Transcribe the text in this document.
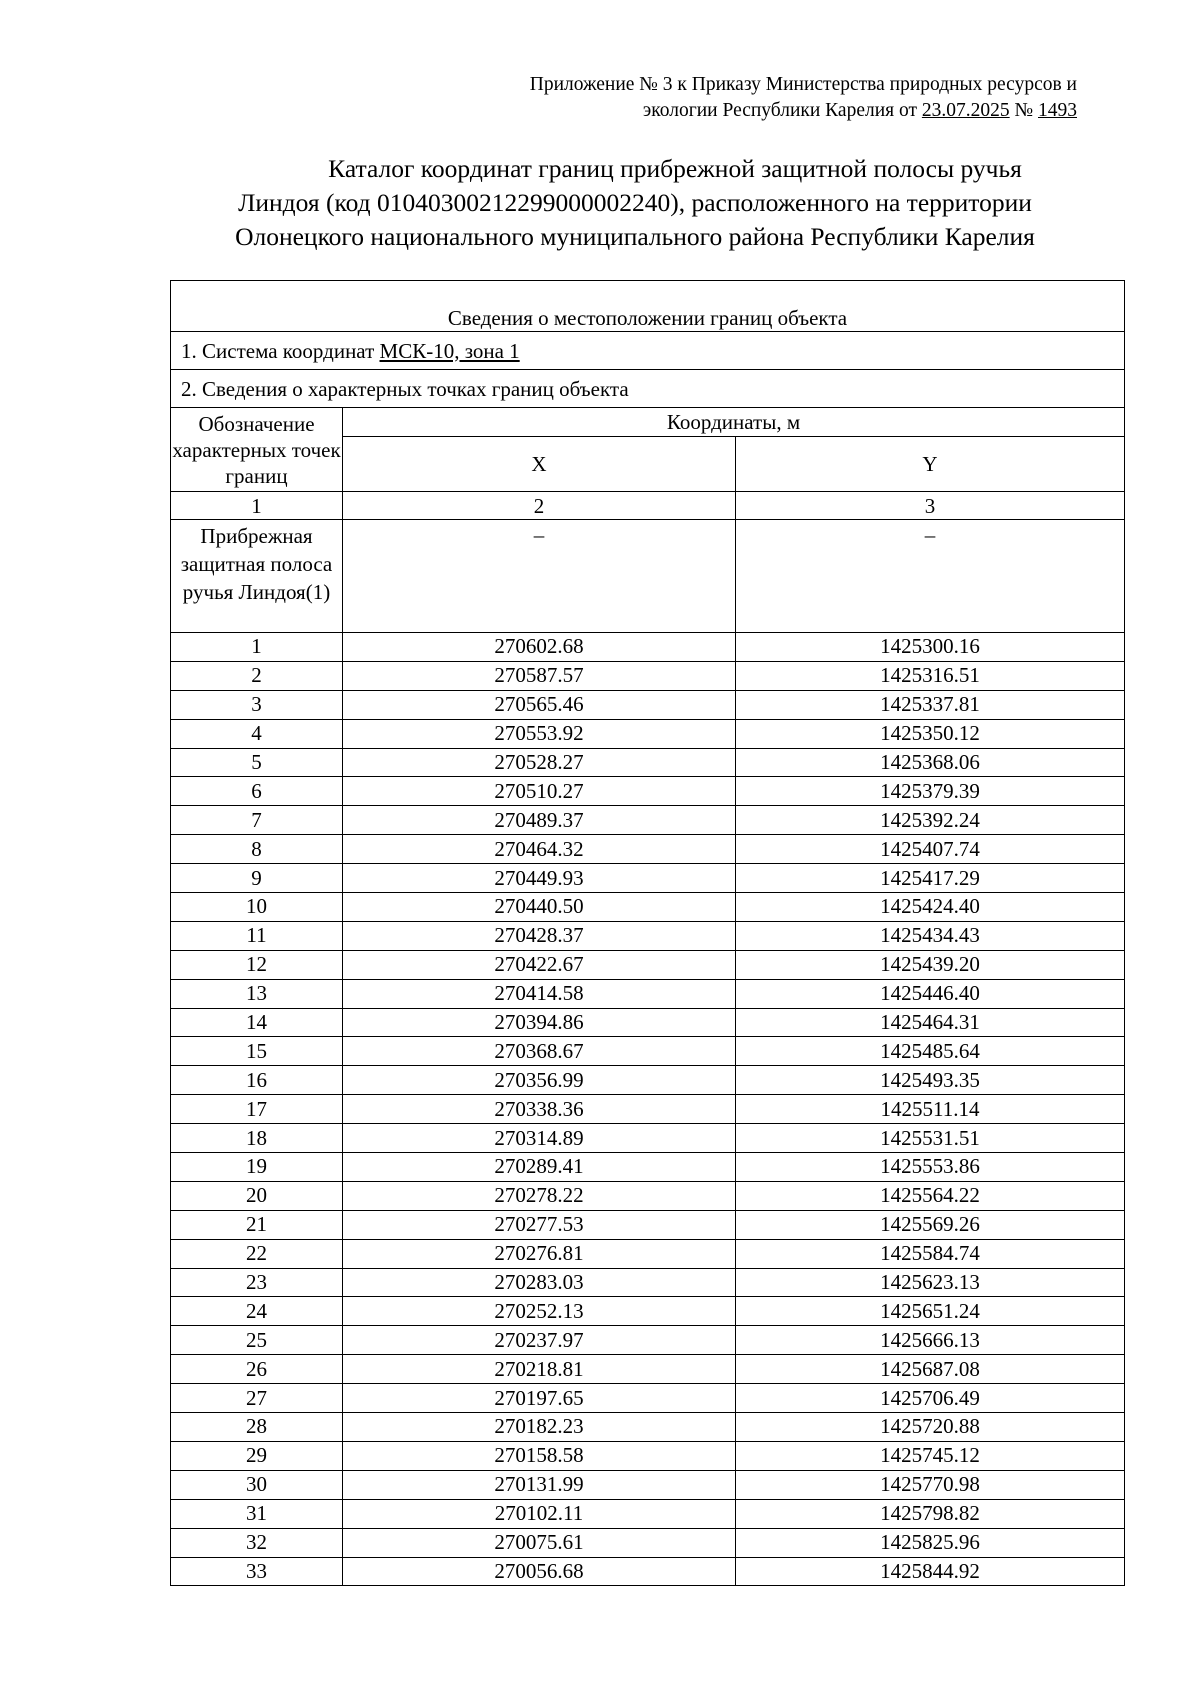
Приложение № 3 к Приказу Министерства природных ресурсов и
экологии Республики Карелия от 23.07.2025 № 1493
Каталог координат границ прибрежной защитной полосы ручья
Линдоя (код 01040300212299000002240), расположенного на территории
Олонецкого национального муниципального района Республики Карелия
Сведения о местоположении границ объекта		
1. Система координат МСК-10, зона 1		
2. Сведения о характерных точках границ объекта		
Обозначение характерных точек границ	Координаты, м	
	X	Y
1	2	3
Прибрежная защитная полоса ручья Линдоя(1)	–	–
1	270602.68	1425300.16
2	270587.57	1425316.51
3	270565.46	1425337.81
4	270553.92	1425350.12
5	270528.27	1425368.06
6	270510.27	1425379.39
7	270489.37	1425392.24
8	270464.32	1425407.74
9	270449.93	1425417.29
10	270440.50	1425424.40
11	270428.37	1425434.43
12	270422.67	1425439.20
13	270414.58	1425446.40
14	270394.86	1425464.31
15	270368.67	1425485.64
16	270356.99	1425493.35
17	270338.36	1425511.14
18	270314.89	1425531.51
19	270289.41	1425553.86
20	270278.22	1425564.22
21	270277.53	1425569.26
22	270276.81	1425584.74
23	270283.03	1425623.13
24	270252.13	1425651.24
25	270237.97	1425666.13
26	270218.81	1425687.08
27	270197.65	1425706.49
28	270182.23	1425720.88
29	270158.58	1425745.12
30	270131.99	1425770.98
31	270102.11	1425798.82
32	270075.61	1425825.96
33	270056.68	1425844.92
